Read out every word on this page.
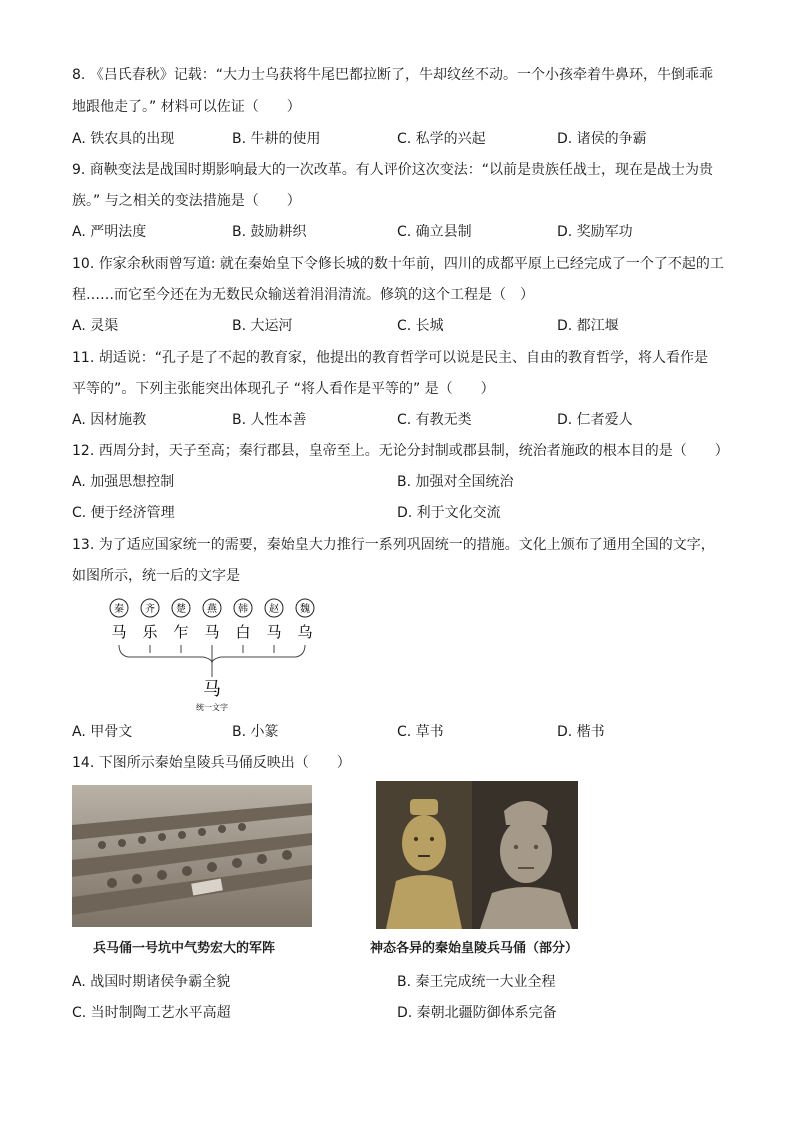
8. 《吕氏春秋》记载：“大力士乌获将牛尾巴都拉断了，牛却纹丝不动。一个小孩牵着牛鼻环，牛倒乖乖
地跟他走了。” 材料可以佐证（　　）
A. 铁农具的出现	B. 牛耕的使用	C. 私学的兴起	D. 诸侯的争霸
9. 商鞅变法是战国时期影响最大的一次改革。有人评价这次变法：“以前是贵族任战士，现在是战士为贵
族。” 与之相关的变法措施是（　　）
A. 严明法度	B. 鼓励耕织	C. 确立县制	D. 奖励军功
10. 作家余秋雨曾写道: 就在秦始皇下令修长城的数十年前，四川的成都平原上已经完成了一个了不起的工
程……而它至今还在为无数民众输送着涓涓清流。修筑的这个工程是（　）
A. 灵渠	B. 大运河	C. 长城	D. 都江堰
11. 胡适说：“孔子是了不起的教育家，他提出的教育哲学可以说是民主、自由的教育哲学，将人看作是
平等的”。下列主张能突出体现孔子 “将人看作是平等的” 是（　　）
A. 因材施教	B. 人性本善	C. 有教无类	D. 仁者爱人
12. 西周分封，天子至高；秦行郡县，皇帝至上。无论分封制或郡县制，统治者施政的根本目的是（　　）
A. 加强思想控制	B. 加强对全国统治
C. 便于经济管理	D. 利于文化交流
13. 为了适应国家统一的需要，秦始皇大力推行一系列巩固统一的措施。文化上颁布了通用全国的文字，
如图所示，统一后的文字是
秦 齐 楚 燕 韩 赵 魏
马 乐 乍 马 白 马 乌
马
统一文字
A. 甲骨文	B. 小篆	C. 草书	D. 楷书
14. 下图所示秦始皇陵兵马俑反映出（　　）
兵马俑一号坑中气势宏大的军阵	神态各异的秦始皇陵兵马俑（部分）
A. 战国时期诸侯争霸全貌	B. 秦王完成统一大业全程
C. 当时制陶工艺水平高超	D. 秦朝北疆防御体系完备
